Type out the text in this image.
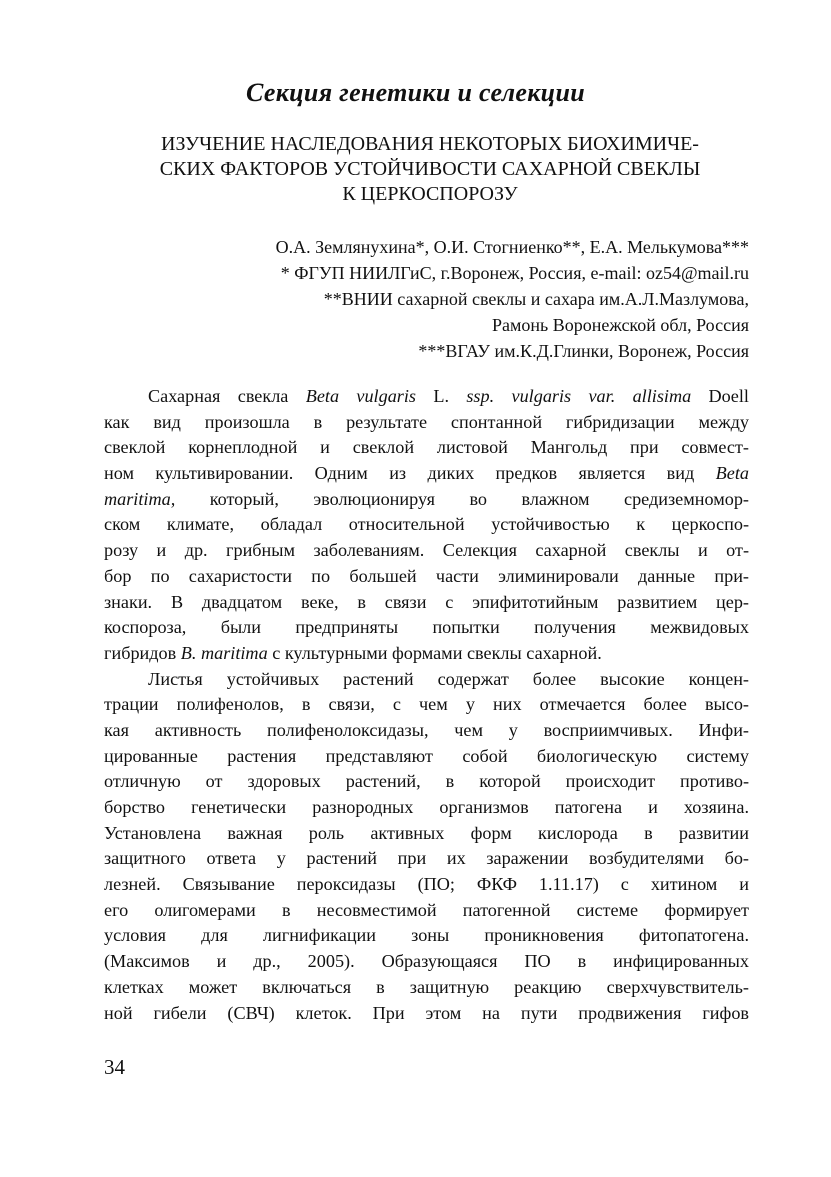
Секция генетики и селекции
ИЗУЧЕНИЕ НАСЛЕДОВАНИЯ НЕКОТОРЫХ БИОХИМИЧЕ-
СКИХ ФАКТОРОВ УСТОЙЧИВОСТИ САХАРНОЙ СВЕКЛЫ
К ЦЕРКОСПОРОЗУ
О.А. Землянухина*, О.И. Стогниенко**, Е.А. Мелькумова***
* ФГУП НИИЛГиС, г.Воронеж, Россия, e-mail: oz54@mail.ru
**ВНИИ сахарной свеклы и сахара им.А.Л.Мазлумова,
Рамонь Воронежской обл, Россия
***ВГАУ им.К.Д.Глинки, Воронеж, Россия
Сахарная свекла Beta vulgaris L. ssp. vulgaris var. allisima Doell
как вид произошла в результате спонтанной гибридизации между
свеклой корнеплодной и свеклой листовой Мангольд при совмест-
ном культивировании. Одним из диких предков является вид Beta
maritima, который, эволюционируя во влажном средиземномор-
ском климате, обладал относительной устойчивостью к церкоспо-
розу и др. грибным заболеваниям. Селекция сахарной свеклы и от-
бор по сахаристости по большей части элиминировали данные при-
знаки. В двадцатом веке, в связи с эпифитотийным развитием цер-
коспороза, были предприняты попытки получения межвидовых
гибридов B. maritima с культурными формами свеклы сахарной.
Листья устойчивых растений содержат более высокие концен-
трации полифенолов, в связи, с чем у них отмечается более высо-
кая активность полифенолоксидазы, чем у восприимчивых. Инфи-
цированные растения представляют собой биологическую систему
отличную от здоровых растений, в которой происходит противо-
борство генетически разнородных организмов патогена и хозяина.
Установлена важная роль активных форм кислорода в развитии
защитного ответа у растений при их заражении возбудителями бо-
лезней. Связывание пероксидазы (ПО; ФКФ 1.11.17) с хитином и
его олигомерами в несовместимой патогенной системе формирует
условия для лигнификации зоны проникновения фитопатогена.
(Максимов и др., 2005). Образующаяся ПО в инфицированных
клетках может включаться в защитную реакцию сверхчувствитель-
ной гибели (СВЧ) клеток. При этом на пути продвижения гифов
34
